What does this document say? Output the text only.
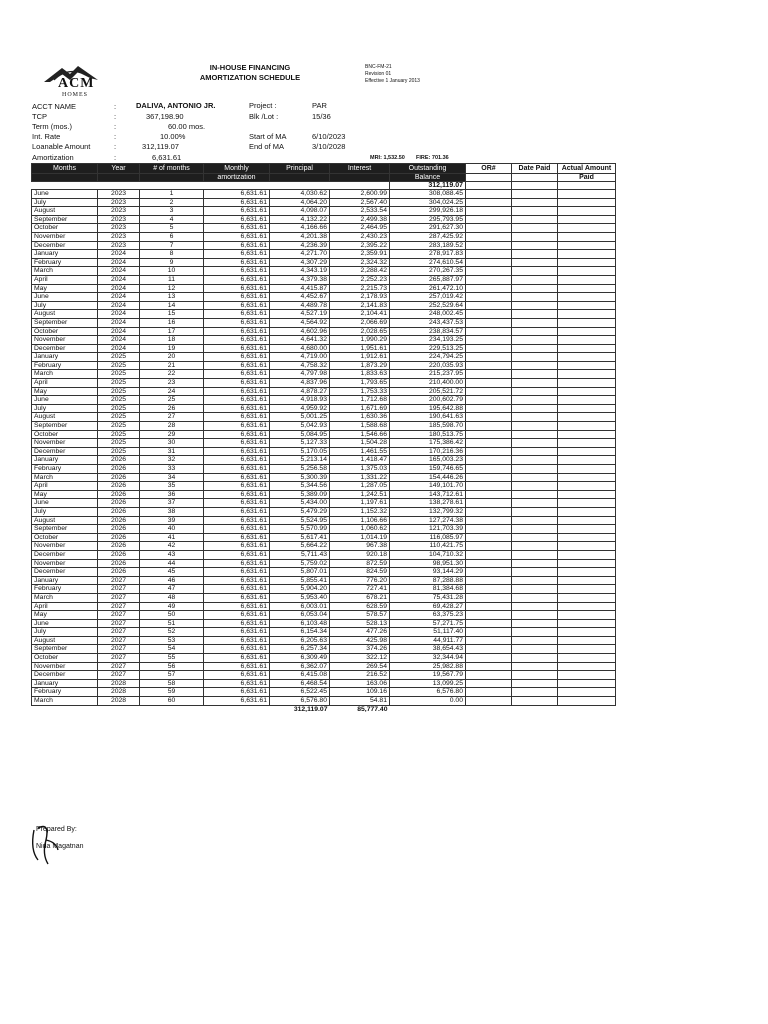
ACM
HOMES
IN-HOUSE FINANCING
AMORTIZATION SCHEDULE
BNC-FM-21
Revision 01
Effective 1 January 2013
ACCT NAME	:	DALIVA, ANTONIO JR.
TCP	:	367,198.90
Term (mos.)	:	60.00 mos.
Int. Rate	:	10.00%
Loanable Amount	:	312,119.07
Amortization	:	6,631.61
Project :	PAR
Blk /Lot :	15/36
Start of MA	6/10/2023
End of MA	3/10/2028
MRI: 1,532.50 FIRE: 701.36
Months	Year	# of months	Monthly	Principal	Interest	Outstanding	OR#	Date Paid	Actual Amount
			amortization			Balance			Paid
						312,119.07			
June	2023	1	6,631.61	4,030.62	2,600.99	308,088.45			
July	2023	2	6,631.61	4,064.20	2,567.40	304,024.25			
August	2023	3	6,631.61	4,098.07	2,533.54	299,926.18			
September	2023	4	6,631.61	4,132.22	2,499.38	295,793.95			
October	2023	5	6,631.61	4,166.66	2,464.95	291,627.30			
November	2023	6	6,631.61	4,201.38	2,430.23	287,425.92			
December	2023	7	6,631.61	4,236.39	2,395.22	283,189.52			
January	2024	8	6,631.61	4,271.70	2,359.91	278,917.83			
February	2024	9	6,631.61	4,307.29	2,324.32	274,610.54			
March	2024	10	6,631.61	4,343.19	2,288.42	270,267.35			
April	2024	11	6,631.61	4,379.38	2,252.23	265,887.97			
May	2024	12	6,631.61	4,415.87	2,215.73	261,472.10			
June	2024	13	6,631.61	4,452.67	2,178.93	257,019.42			
July	2024	14	6,631.61	4,489.78	2,141.83	252,529.64			
August	2024	15	6,631.61	4,527.19	2,104.41	248,002.45			
September	2024	16	6,631.61	4,564.92	2,066.69	243,437.53			
October	2024	17	6,631.61	4,602.96	2,028.65	238,834.57			
November	2024	18	6,631.61	4,641.32	1,990.29	234,193.25			
December	2024	19	6,631.61	4,680.00	1,951.61	229,513.25			
January	2025	20	6,631.61	4,719.00	1,912.61	224,794.25			
February	2025	21	6,631.61	4,758.32	1,873.29	220,035.93			
March	2025	22	6,631.61	4,797.98	1,833.63	215,237.95			
April	2025	23	6,631.61	4,837.96	1,793.65	210,400.00			
May	2025	24	6,631.61	4,878.27	1,753.33	205,521.72			
June	2025	25	6,631.61	4,918.93	1,712.68	200,602.79			
July	2025	26	6,631.61	4,959.92	1,671.69	195,642.88			
August	2025	27	6,631.61	5,001.25	1,630.36	190,641.63			
September	2025	28	6,631.61	5,042.93	1,588.68	185,598.70			
October	2025	29	6,631.61	5,084.95	1,546.66	180,513.75			
November	2025	30	6,631.61	5,127.33	1,504.28	175,386.42			
December	2025	31	6,631.61	5,170.05	1,461.55	170,216.36			
January	2026	32	6,631.61	5,213.14	1,418.47	165,003.23			
February	2026	33	6,631.61	5,256.58	1,375.03	159,746.65			
March	2026	34	6,631.61	5,300.39	1,331.22	154,446.26			
April	2026	35	6,631.61	5,344.56	1,287.05	149,101.70			
May	2026	36	6,631.61	5,389.09	1,242.51	143,712.61			
June	2026	37	6,631.61	5,434.00	1,197.61	138,278.61			
July	2026	38	6,631.61	5,479.29	1,152.32	132,799.32			
August	2026	39	6,631.61	5,524.95	1,106.66	127,274.38			
September	2026	40	6,631.61	5,570.99	1,060.62	121,703.39			
October	2026	41	6,631.61	5,617.41	1,014.19	116,085.97			
November	2026	42	6,631.61	5,664.22	967.38	110,421.75			
December	2026	43	6,631.61	5,711.43	920.18	104,710.32			
November	2026	44	6,631.61	5,759.02	872.59	98,951.30			
December	2026	45	6,631.61	5,807.01	824.59	93,144.29			
January	2027	46	6,631.61	5,855.41	776.20	87,288.88			
February	2027	47	6,631.61	5,904.20	727.41	81,384.68			
March	2027	48	6,631.61	5,953.40	678.21	75,431.28			
April	2027	49	6,631.61	6,003.01	628.59	69,428.27			
May	2027	50	6,631.61	6,053.04	578.57	63,375.23			
June	2027	51	6,631.61	6,103.48	528.13	57,271.75			
July	2027	52	6,631.61	6,154.34	477.26	51,117.40			
August	2027	53	6,631.61	6,205.63	425.98	44,911.77			
September	2027	54	6,631.61	6,257.34	374.26	38,654.43			
October	2027	55	6,631.61	6,309.49	322.12	32,344.94			
November	2027	56	6,631.61	6,362.07	269.54	25,982.88			
December	2027	57	6,631.61	6,415.08	216.52	19,567.79			
January	2028	58	6,631.61	6,468.54	163.06	13,099.25			
February	2028	59	6,631.61	6,522.45	109.16	6,576.80			
March	2028	60	6,631.61	6,576.80	54.81	0.00			
				312,119.07	85,777.40				
Prepared By:
Nida Magatnan
